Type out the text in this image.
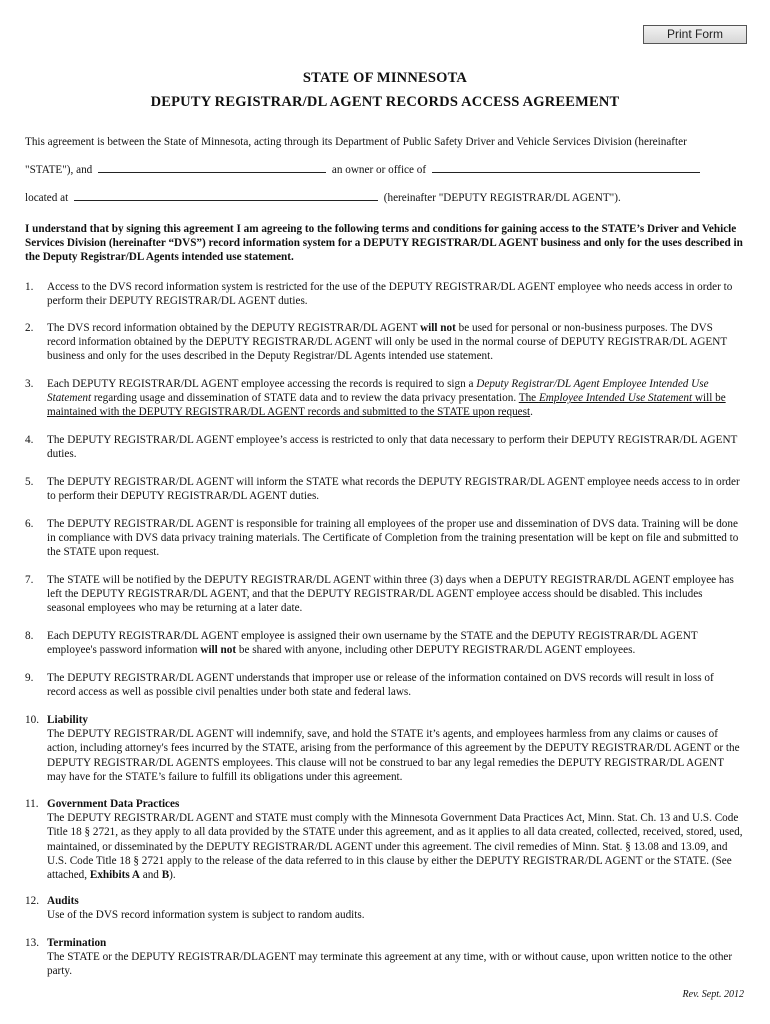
Print Form
STATE OF MINNESOTA
DEPUTY REGISTRAR/DL AGENT RECORDS ACCESS AGREEMENT
This agreement is between the State of Minnesota, acting through its Department of Public Safety Driver and Vehicle Services Division (hereinafter
"STATE"), and	an owner or office of
located at	(hereinafter "DEPUTY REGISTRAR/DL AGENT").
I understand that by signing this agreement I am agreeing to the following terms and conditions for gaining access to the STATE’s Driver and Vehicle Services Division (hereinafter “DVS”) record information system for a DEPUTY REGISTRAR/DL AGENT business and only for the uses described in the Deputy Registrar/DL Agents intended use statement.
1.	Access to the DVS record information system is restricted for the use of the DEPUTY REGISTRAR/DL AGENT employee who needs access in order to perform their DEPUTY REGISTRAR/DL AGENT duties.
2.	The DVS record information obtained by the DEPUTY REGISTRAR/DL AGENT will not be used for personal or non-business purposes. The DVS record information obtained by the DEPUTY REGISTRAR/DL AGENT will only be used in the normal course of DEPUTY REGISTRAR/DL AGENT business and only for the uses described in the Deputy Registrar/DL Agents intended use statement.
3.	Each DEPUTY REGISTRAR/DL AGENT employee accessing the records is required to sign a Deputy Registrar/DL Agent Employee Intended Use Statement regarding usage and dissemination of STATE data and to review the data privacy presentation. The Employee Intended Use Statement will be maintained with the DEPUTY REGISTRAR/DL AGENT records and submitted to the STATE upon request.
4.	The DEPUTY REGISTRAR/DL AGENT employee’s access is restricted to only that data necessary to perform their DEPUTY REGISTRAR/DL AGENT duties.
5.	The DEPUTY REGISTRAR/DL AGENT will inform the STATE what records the DEPUTY REGISTRAR/DL AGENT employee needs access to in order to perform their DEPUTY REGISTRAR/DL AGENT duties.
6.	The DEPUTY REGISTRAR/DL AGENT is responsible for training all employees of the proper use and dissemination of DVS data. Training will be done in compliance with DVS data privacy training materials. The Certificate of Completion from the training presentation will be kept on file and submitted to the STATE upon request.
7.	The STATE will be notified by the DEPUTY REGISTRAR/DL AGENT within three (3) days when a DEPUTY REGISTRAR/DL AGENT employee has left the DEPUTY REGISTRAR/DL AGENT, and that the DEPUTY REGISTRAR/DL AGENT employee access should be disabled. This includes seasonal employees who may be returning at a later date.
8.	Each DEPUTY REGISTRAR/DL AGENT employee is assigned their own username by the STATE and the DEPUTY REGISTRAR/DL AGENT employee's password information will not be shared with anyone, including other DEPUTY REGISTRAR/DL AGENT employees.
9.	The DEPUTY REGISTRAR/DL AGENT understands that improper use or release of the information contained on DVS records will result in loss of record access as well as possible civil penalties under both state and federal laws.
10. Liability
The DEPUTY REGISTRAR/DL AGENT will indemnify, save, and hold the STATE it’s agents, and employees harmless from any claims or causes of action, including attorney's fees incurred by the STATE, arising from the performance of this agreement by the DEPUTY REGISTRAR/DL AGENT or the DEPUTY REGISTRAR/DL AGENTS employees. This clause will not be construed to bar any legal remedies the DEPUTY REGISTRAR/DL AGENT may have for the STATE’s failure to fulfill its obligations under this agreement.
11. Government Data Practices
The DEPUTY REGISTRAR/DL AGENT and STATE must comply with the Minnesota Government Data Practices Act, Minn. Stat. Ch. 13 and U.S. Code Title 18 § 2721, as they apply to all data provided by the STATE under this agreement, and as it applies to all data created, collected, received, stored, used, maintained, or disseminated by the DEPUTY REGISTRAR/DL AGENT under this agreement. The civil remedies of Minn. Stat. § 13.08 and 13.09, and U.S. Code Title 18 § 2721 apply to the release of the data referred to in this clause by either the DEPUTY REGISTRAR/DL AGENT or the STATE. (See attached, Exhibits A and B).
12. Audits
Use of the DVS record information system is subject to random audits.
13. Termination
The STATE or the DEPUTY REGISTRAR/DLAGENT may terminate this agreement at any time, with or without cause, upon written notice to the other party.
Rev. Sept. 2012
